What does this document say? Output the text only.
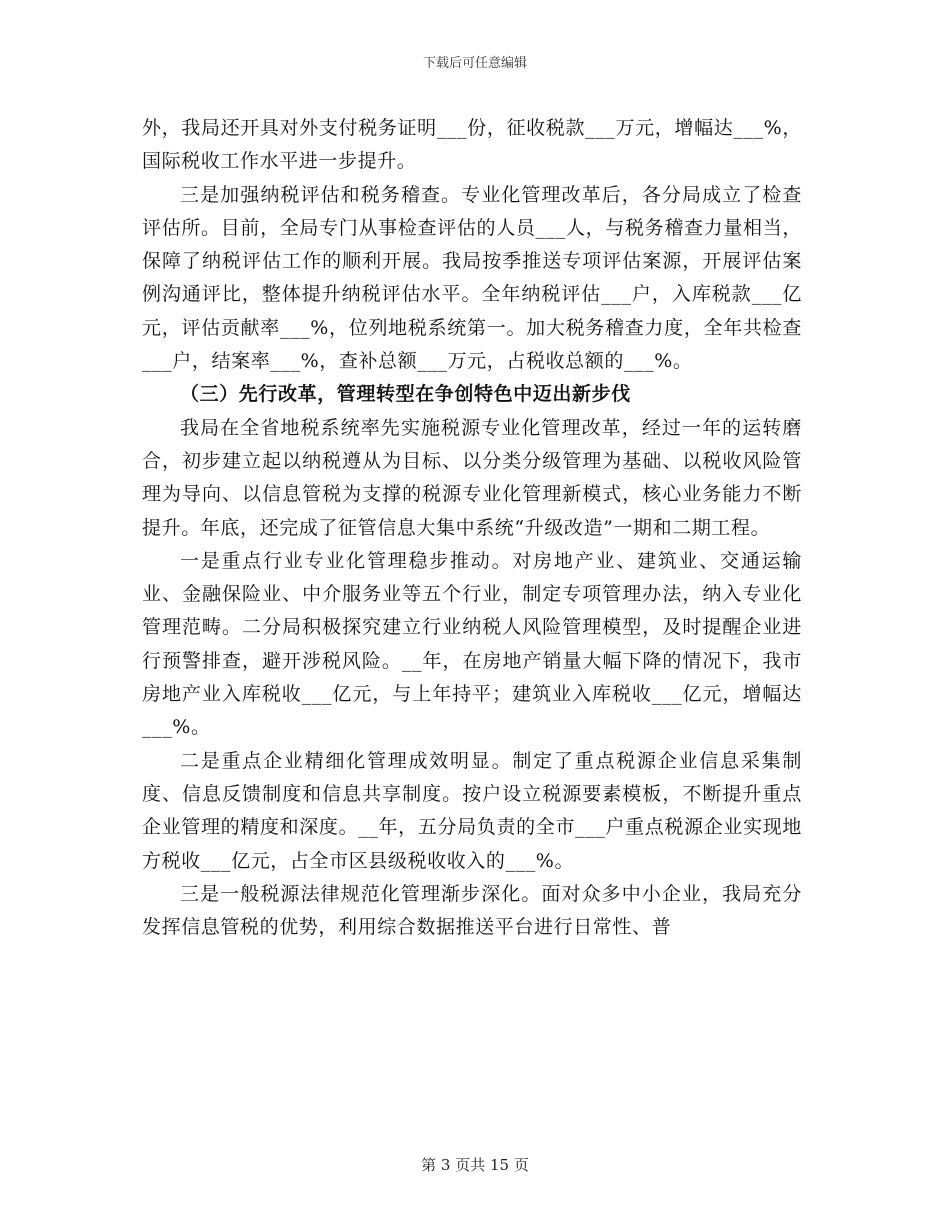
下载后可任意编辑

外，我局还开具对外支付税务证明___份，征收税款___万元，增幅达___%，国际税收工作水平进一步提升。

三是加强纳税评估和税务稽查。专业化管理改革后，各分局成立了检查评估所。目前，全局专门从事检查评估的人员___人，与税务稽查力量相当，保障了纳税评估工作的顺利开展。我局按季推送专项评估案源，开展评估案例沟通评比，整体提升纳税评估水平。全年纳税评估___户，入库税款___亿元，评估贡献率___%，位列地税系统第一。加大税务稽查力度，全年共检查___户，结案率___%，查补总额___万元，占税收总额的___%。

（三）先行改革，管理转型在争创特色中迈出新步伐

我局在全省地税系统率先实施税源专业化管理改革，经过一年的运转磨合，初步建立起以纳税遵从为目标、以分类分级管理为基础、以税收风险管理为导向、以信息管税为支撑的税源专业化管理新模式，核心业务能力不断提升。年底，还完成了征管信息大集中系统“升级改造”一期和二期工程。

一是重点行业专业化管理稳步推动。对房地产业、建筑业、交通运输业、金融保险业、中介服务业等五个行业，制定专项管理办法，纳入专业化管理范畴。二分局积极探究建立行业纳税人风险管理模型，及时提醒企业进行预警排查，避开涉税风险。__年，在房地产销量大幅下降的情况下，我市房地产业入库税收___亿元，与上年持平；建筑业入库税收___亿元，增幅达___%。

二是重点企业精细化管理成效明显。制定了重点税源企业信息采集制度、信息反馈制度和信息共享制度。按户设立税源要素模板，不断提升重点企业管理的精度和深度。__年，五分局负责的全市___户重点税源企业实现地方税收___亿元，占全市区县级税收收入的___%。

三是一般税源法律规范化管理渐步深化。面对众多中小企业，我局充分发挥信息管税的优势，利用综合数据推送平台进行日常性、普

第 3 页共 15 页
